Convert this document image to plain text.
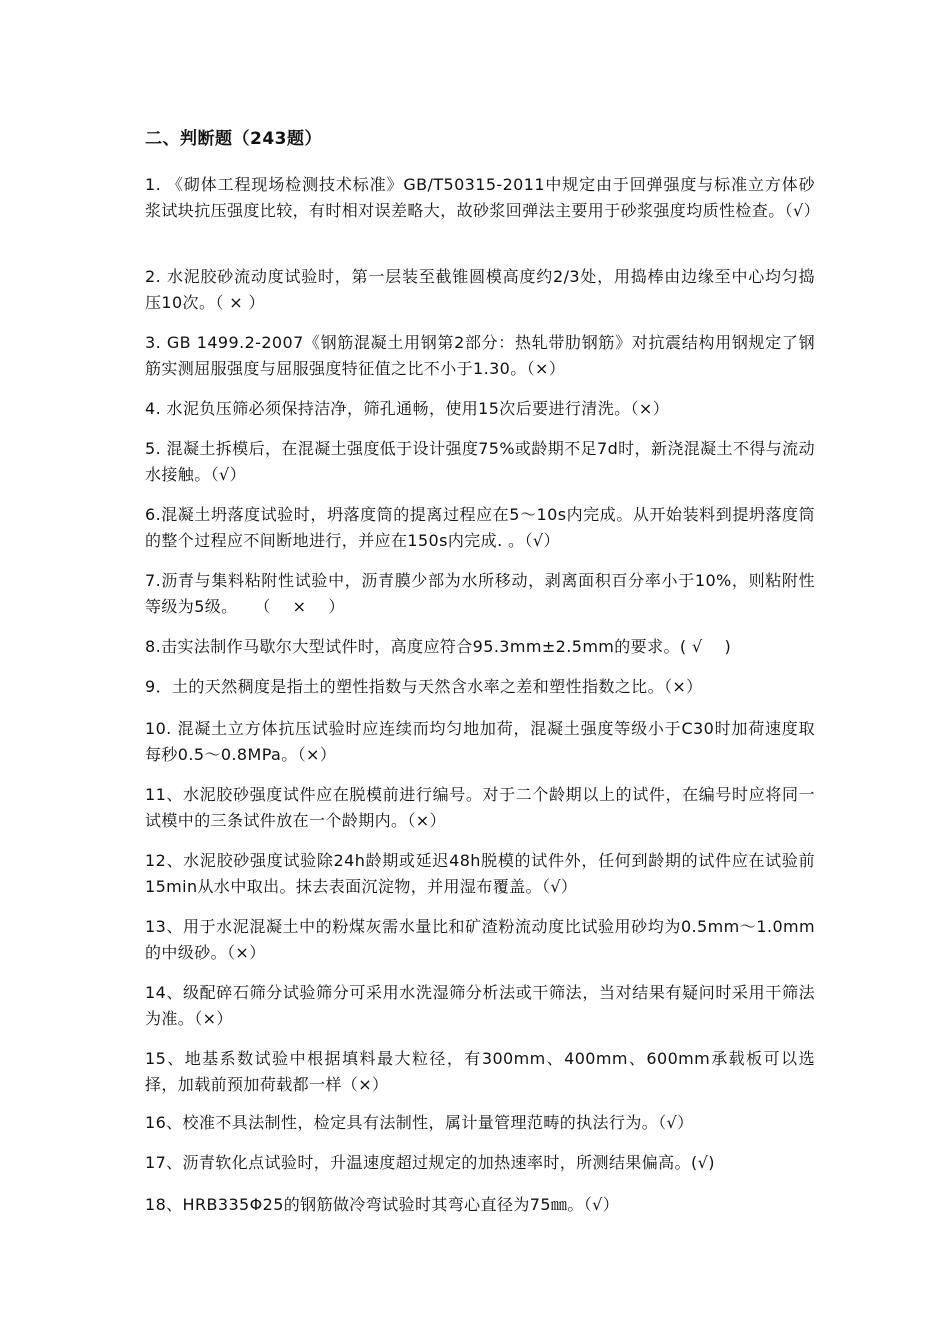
二、判断题（243题）
1. 《砌体工程现场检测技术标准》GB/T50315-2011中规定由于回弹强度与标准立方体砂浆试块抗压强度比较，有时相对误差略大，故砂浆回弹法主要用于砂浆强度均质性检查。（√）
2. 水泥胶砂流动度试验时，第一层装至截锥圆模高度约2/3处，用捣棒由边缘至中心均匀捣压10次。（ × ）
3. GB 1499.2-2007《钢筋混凝土用钢第2部分：热轧带肋钢筋》对抗震结构用钢规定了钢筋实测屈服强度与屈服强度特征值之比不小于1.30。（×）
4. 水泥负压筛必须保持洁净，筛孔通畅，使用15次后要进行清洗。（×）
5. 混凝土拆模后，在混凝土强度低于设计强度75%或龄期不足7d时，新浇混凝土不得与流动水接触。（√）
6.混凝土坍落度试验时，坍落度筒的提离过程应在5～10s内完成。从开始装料到提坍落度筒的整个过程应不间断地进行，并应在150s内完成. 。（√）
7.沥青与集料粘附性试验中，沥青膜少部为水所移动，剥离面积百分率小于10%，则粘附性等级为5级。　　（　 ×　 ）
8.击实法制作马歇尔大型试件时，高度应符合95.3mm±2.5mm的要求。( √　 )
9．土的天然稠度是指土的塑性指数与天然含水率之差和塑性指数之比。（×）
10. 混凝土立方体抗压试验时应连续而均匀地加荷，混凝土强度等级小于C30时加荷速度取每秒0.5～0.8MPa。（×）
11、水泥胶砂强度试件应在脱模前进行编号。对于二个龄期以上的试件，在编号时应将同一试模中的三条试件放在一个龄期内。（×）
12、水泥胶砂强度试验除24h龄期或延迟48h脱模的试件外，任何到龄期的试件应在试验前15min从水中取出。抹去表面沉淀物，并用湿布覆盖。（√）
13、用于水泥混凝土中的粉煤灰需水量比和矿渣粉流动度比试验用砂均为0.5mm～1.0mm的中级砂。（×）
14、级配碎石筛分试验筛分可采用水洗湿筛分析法或干筛法，当对结果有疑问时采用干筛法为准。（×）
15、地基系数试验中根据填料最大粒径，有300mm、400mm、600mm承载板可以选择，加载前预加荷载都一样（×）
16、校准不具法制性，检定具有法制性，属计量管理范畴的执法行为。（√）
17、沥青软化点试验时，升温速度超过规定的加热速率时，所测结果偏高。(√)
18、HRB335Φ25的钢筋做冷弯试验时其弯心直径为75㎜。（√）
